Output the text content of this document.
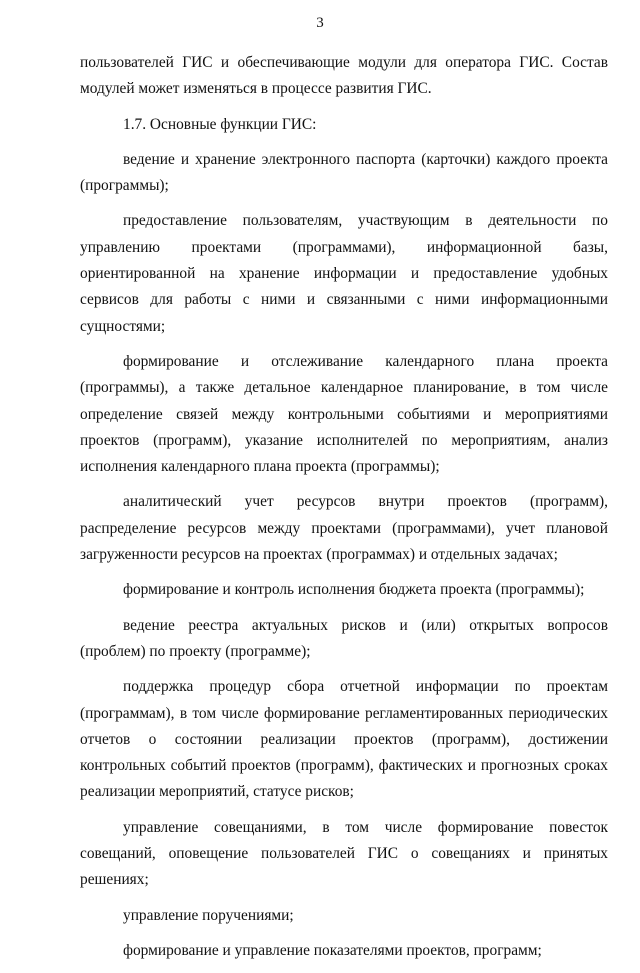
3

пользователей ГИС и обеспечивающие модули для оператора ГИС. Состав модулей может изменяться в процессе развития ГИС.

1.7. Основные функции ГИС:

ведение и хранение электронного паспорта (карточки) каждого проекта (программы);

предоставление пользователям, участвующим в деятельности по управлению проектами (программами), информационной базы, ориентированной на хранение информации и предоставление удобных сервисов для работы с ними и связанными с ними информационными сущностями;

формирование и отслеживание календарного плана проекта (программы), а также детальное календарное планирование, в том числе определение связей между контрольными событиями и мероприятиями проектов (программ), указание исполнителей по мероприятиям, анализ исполнения календарного плана проекта (программы);

аналитический учет ресурсов внутри проектов (программ), распределение ресурсов между проектами (программами), учет плановой загруженности ресурсов на проектах (программах) и отдельных задачах;

формирование и контроль исполнения бюджета проекта (программы);

ведение реестра актуальных рисков и (или) открытых вопросов (проблем) по проекту (программе);

поддержка процедур сбора отчетной информации по проектам (программам), в том числе формирование регламентированных периодических отчетов о состоянии реализации проектов (программ), достижении контрольных событий проектов (программ), фактических и прогнозных сроках реализации мероприятий, статусе рисков;

управление совещаниями, в том числе формирование повесток совещаний, оповещение пользователей ГИС о совещаниях и принятых решениях;

управление поручениями;

формирование и управление показателями проектов, программ;
